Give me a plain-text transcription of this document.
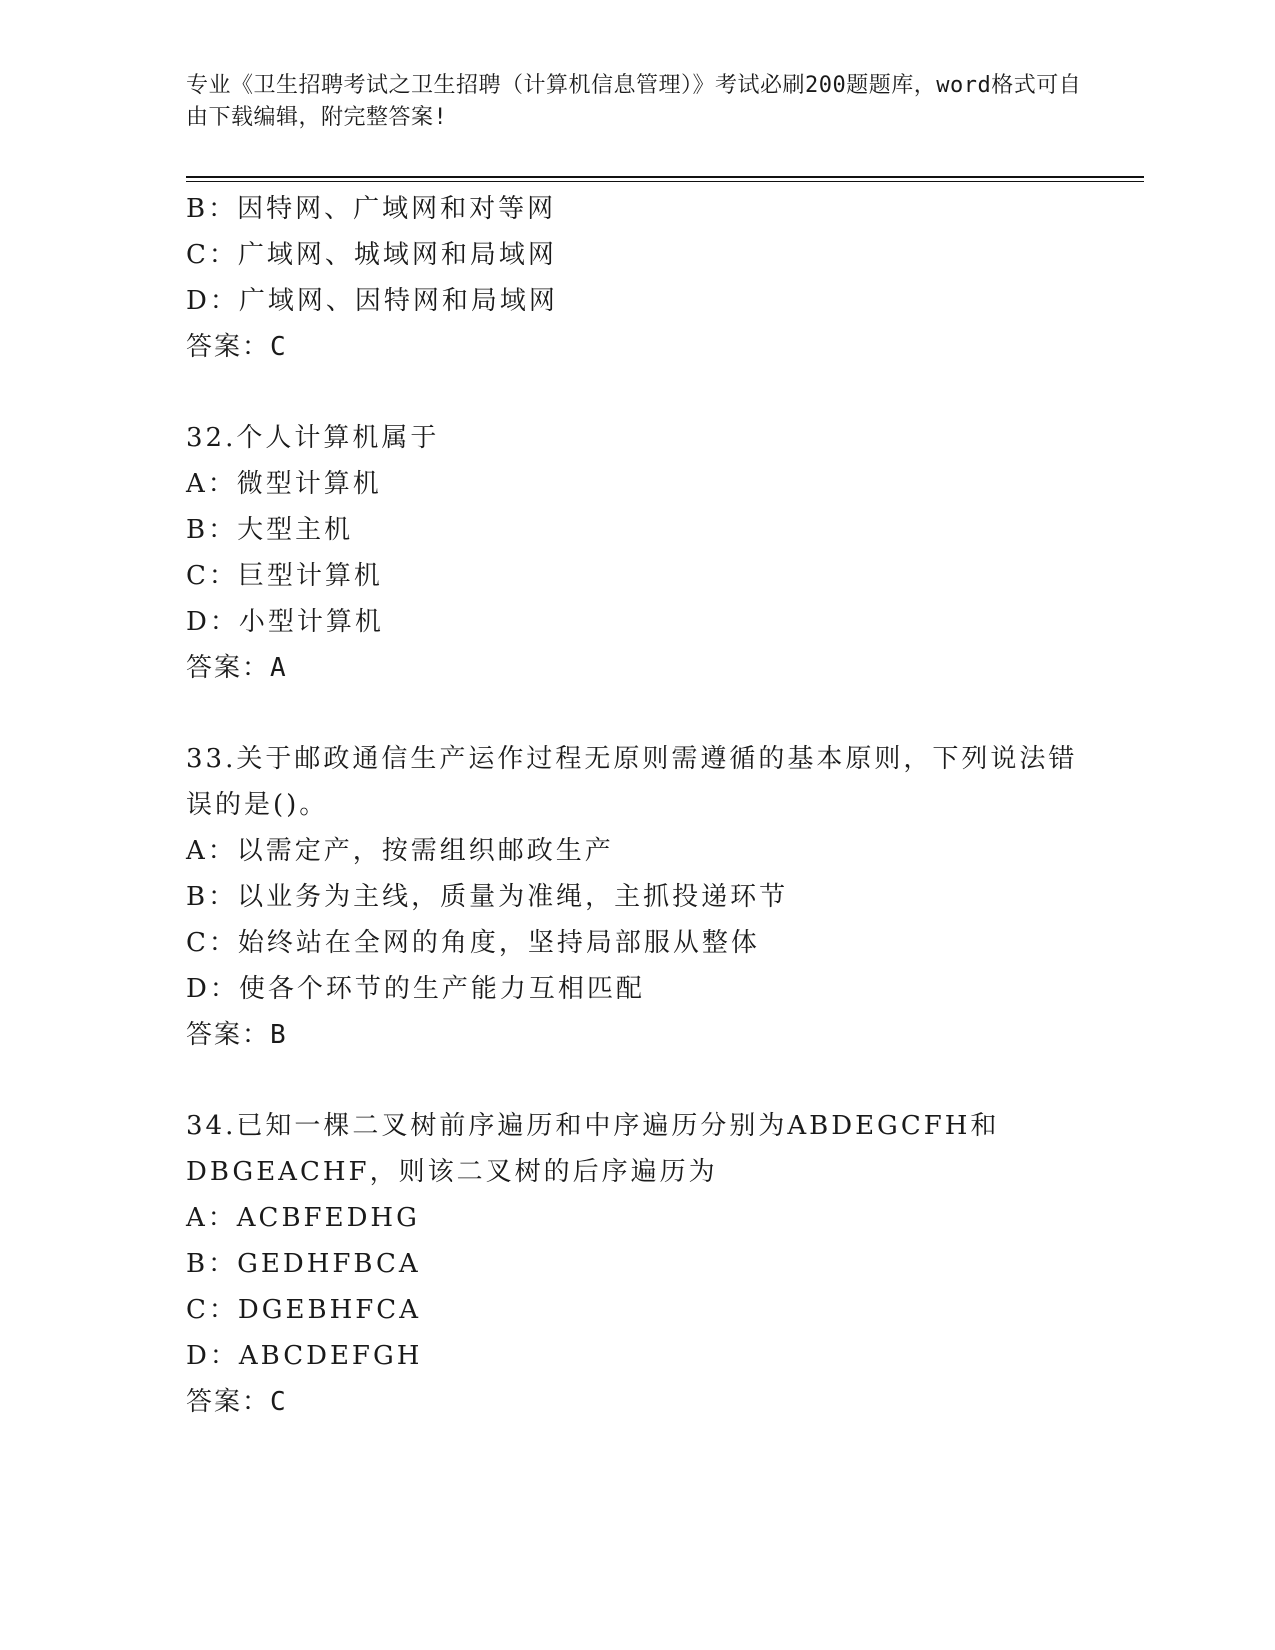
专业《卫生招聘考试之卫生招聘（计算机信息管理）》考试必刷200题题库，word格式可自由下载编辑，附完整答案!
B：因特网、广域网和对等网
C：广域网、城域网和局域网
D：广域网、因特网和局域网
答案：C
32.个人计算机属于
A：微型计算机
B：大型主机
C：巨型计算机
D：小型计算机
答案：A
33.关于邮政通信生产运作过程无原则需遵循的基本原则，下列说法错误的是()。
A：以需定产，按需组织邮政生产
B：以业务为主线，质量为准绳，主抓投递环节
C：始终站在全网的角度，坚持局部服从整体
D：使各个环节的生产能力互相匹配
答案：B
34.已知一棵二叉树前序遍历和中序遍历分别为ABDEGCFH和DBGEACHF，则该二叉树的后序遍历为
A：ACBFEDHG
B：GEDHFBCA
C：DGEBHFCA
D：ABCDEFGH
答案：C
